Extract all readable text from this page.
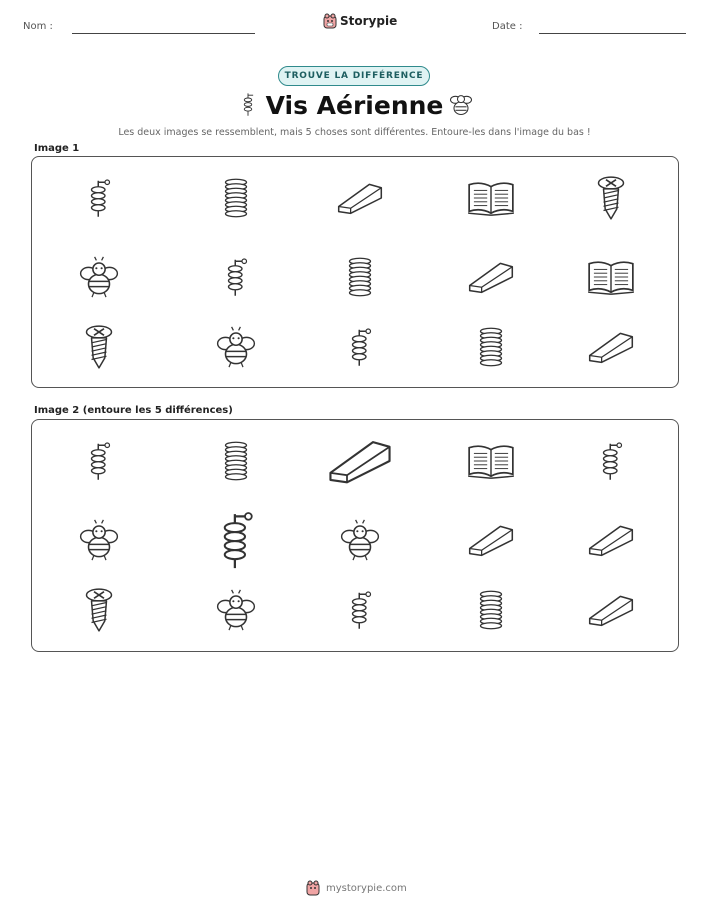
Nom :	Storypie	Date :
TROUVE LA DIFFÉRENCE
Vis Aérienne
Les deux images se ressemblent, mais 5 choses sont différentes. Entoure-les dans l'image du bas !
Image 1
Image 2 (entoure les 5 différences)
mystorypie.com
